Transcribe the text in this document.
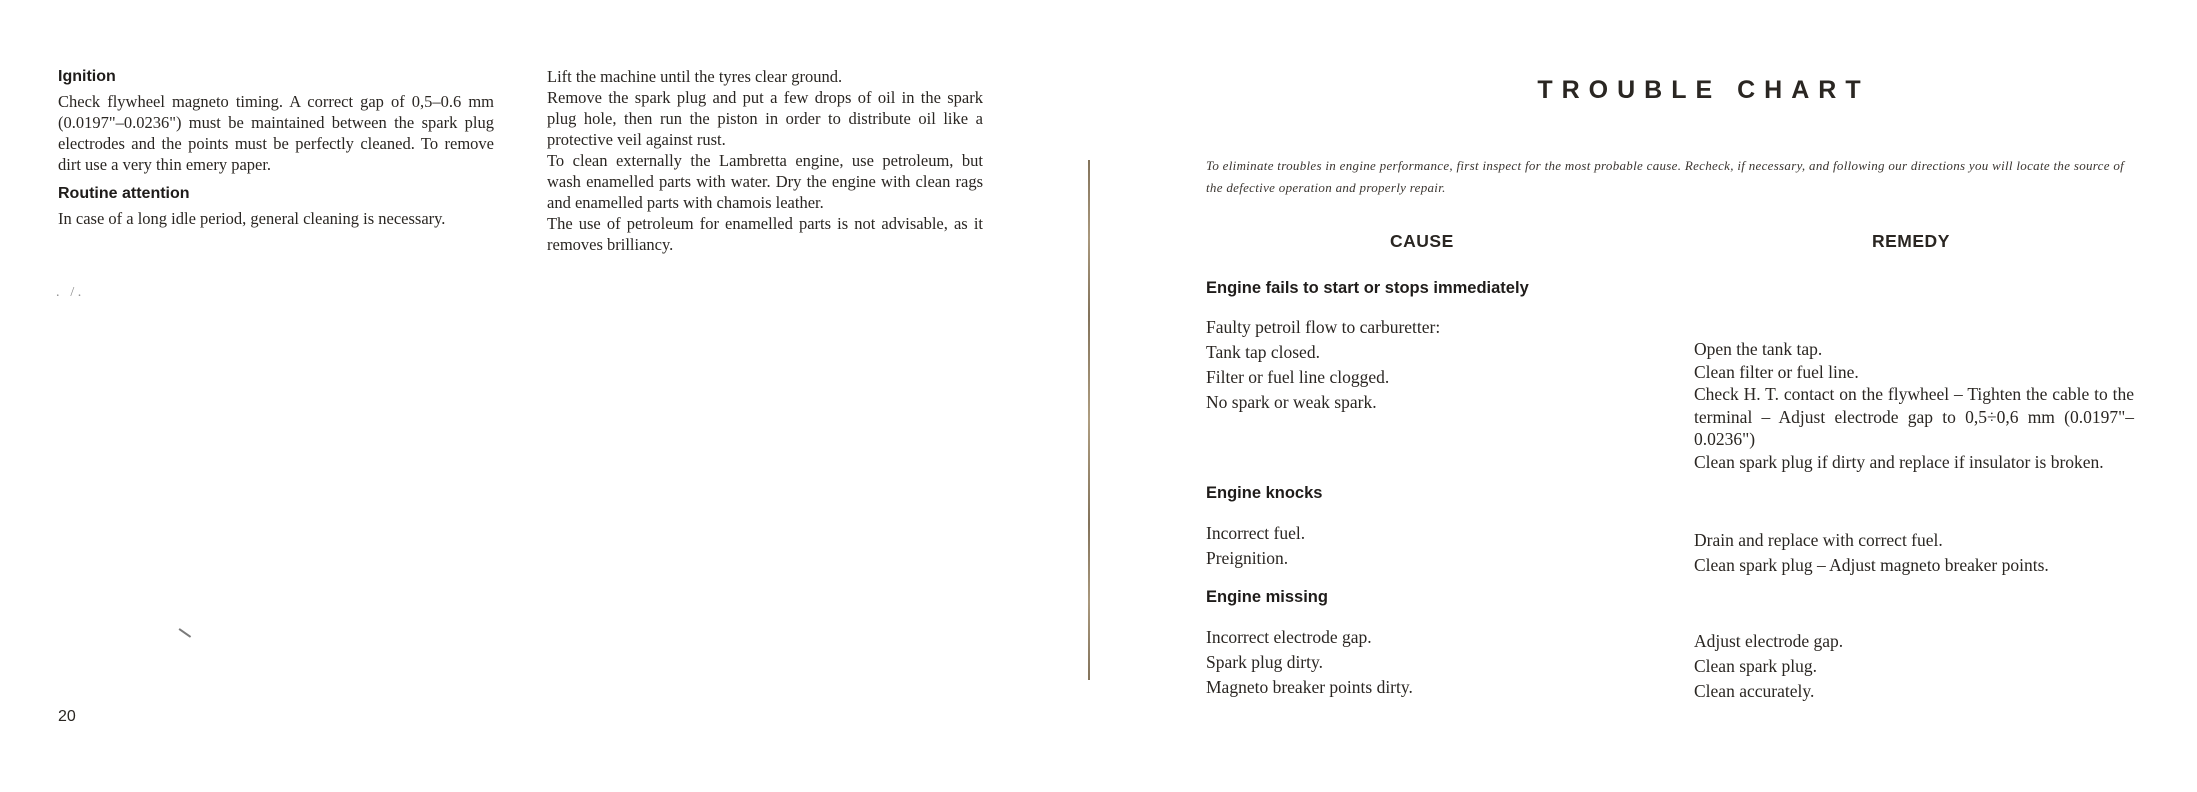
Ignition

Check flywheel magneto timing. A correct gap of 0,5–0.6 mm (0.0197"–0.0236") must be maintained between the spark plug electrodes and the points must be perfectly cleaned. To remove dirt use a very thin emery paper.

Routine attention

In case of a long idle period, general cleaning is necessary.

.ﾞ/ .

Lift the machine until the tyres clear ground.

Remove the spark plug and put a few drops of oil in the spark plug hole, then run the piston in order to distribute oil like a protective veil against rust.

To clean externally the Lambretta engine, use petroleum, but wash enamelled parts with water. Dry the engine with clean rags and enamelled parts with chamois leather.

The use of petroleum for enamelled parts is not advisable, as it removes brilliancy.

20
TROUBLE CHART
To eliminate troubles in engine performance, first inspect for the most probable cause. Recheck, if necessary, and following our directions you will locate the source of the defective operation and properly repair.
CAUSE	REMEDY
Engine fails to start or stops immediately
Faulty petroil flow to carburetter:
Tank tap closed.
Filter or fuel line clogged.
No spark or weak spark.
Open the tank tap.
Clean filter or fuel line.
Check H. T. contact on the flywheel – Tighten the cable to the terminal – Adjust electrode gap to 0,5÷0,6 mm (0.0197"–0.0236")
Clean spark plug if dirty and replace if insulator is broken.
Engine knocks
Incorrect fuel.
Preignition.
Drain and replace with correct fuel.
Clean spark plug – Adjust magneto breaker points.
Engine missing
Incorrect electrode gap.
Spark plug dirty.
Magneto breaker points dirty.
Adjust electrode gap.
Clean spark plug.
Clean accurately.
